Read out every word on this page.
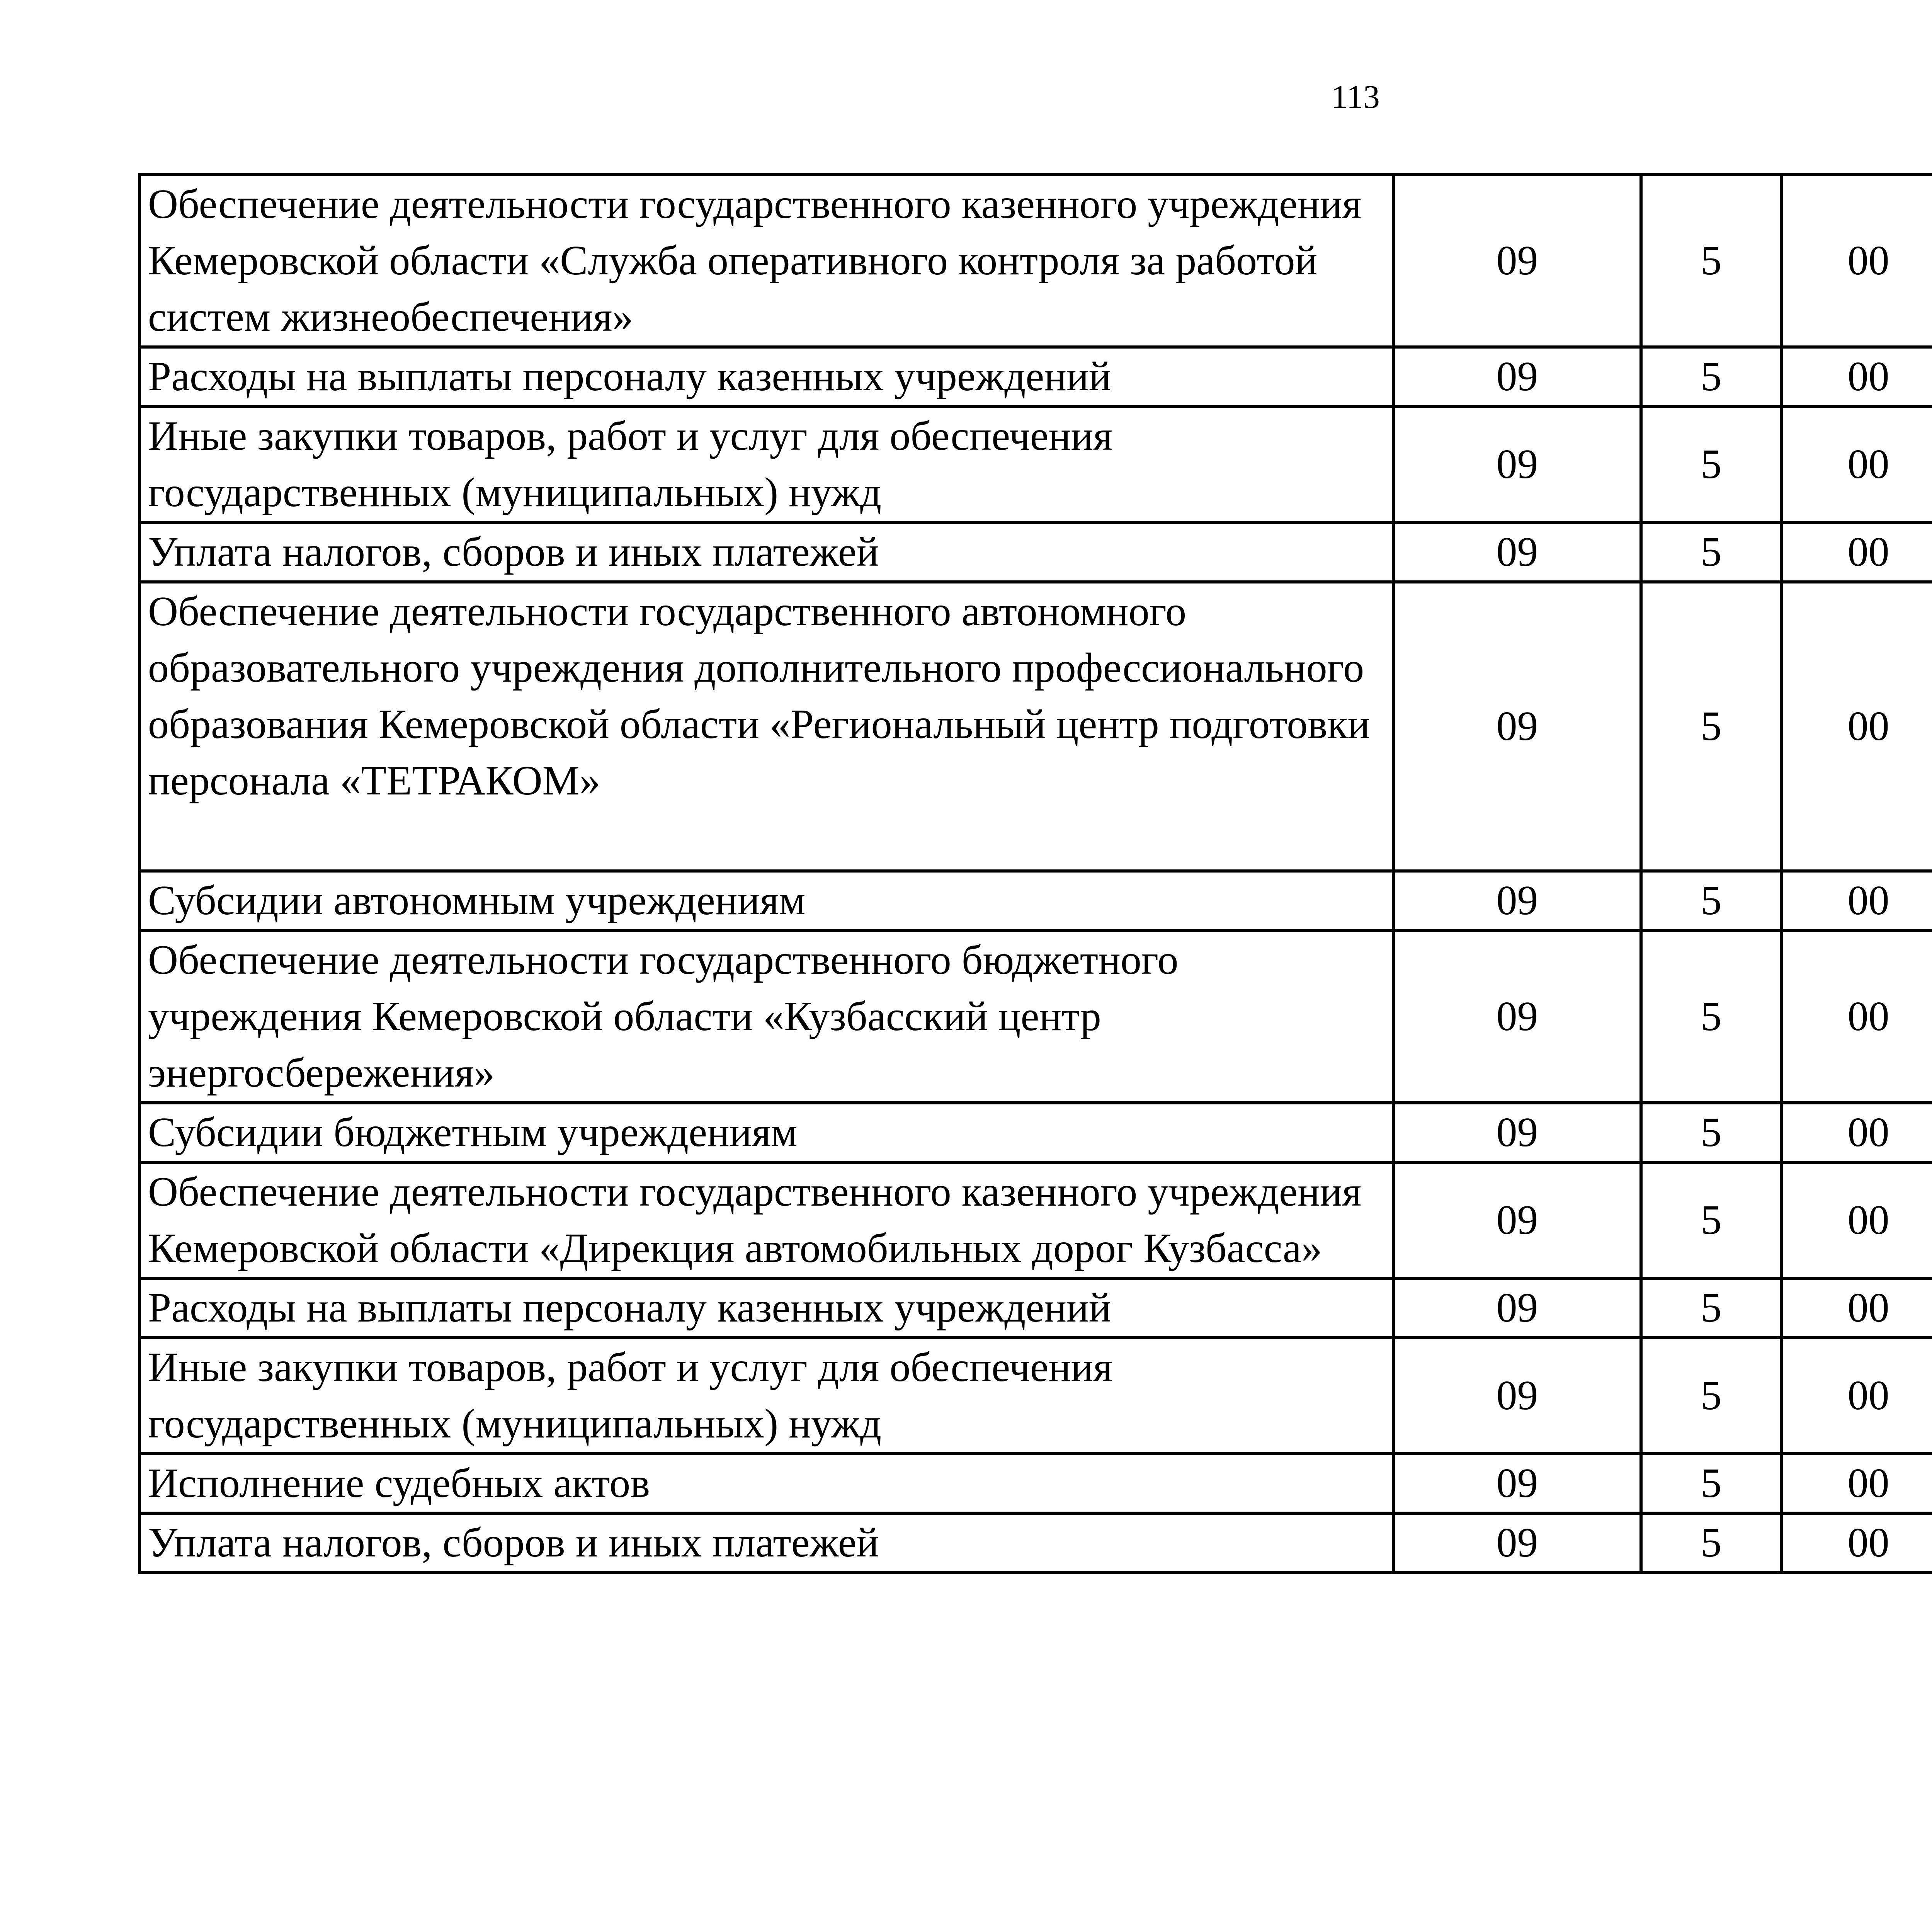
113
Обеспечение деятельности государственного казенного учреждения Кемеровской области «Служба оперативного контроля за работой систем жизнеобеспечения»	09	5	00			
Расходы на выплаты персоналу казенных учреждений	09	5	00			
Иные закупки товаров, работ и услуг для обеспечения государственных (муниципальных) нужд	09	5	00			
Уплата налогов, сборов и иных платежей	09	5	00			
Обеспечение деятельности государственного автономного образовательного учреждения дополнительного профессионального образования Кемеровской области «Региональный центр подготовки персонала «ТЕТРАКОМ»	09	5	00			
Субсидии автономным учреждениям	09	5	00			
Обеспечение деятельности государственного бюджетного учреждения Кемеровской области «Кузбасский центр энергосбережения»	09	5	00			
Субсидии бюджетным учреждениям	09	5	00			
Обеспечение деятельности государственного казенного учреждения Кемеровской области «Дирекция автомобильных дорог Кузбасса»	09	5	00			
Расходы на выплаты персоналу казенных учреждений	09	5	00			
Иные закупки товаров, работ и услуг для обеспечения государственных (муниципальных) нужд	09	5	00			
Исполнение судебных актов	09	5	00			
Уплата налогов, сборов и иных платежей	09	5	00			
